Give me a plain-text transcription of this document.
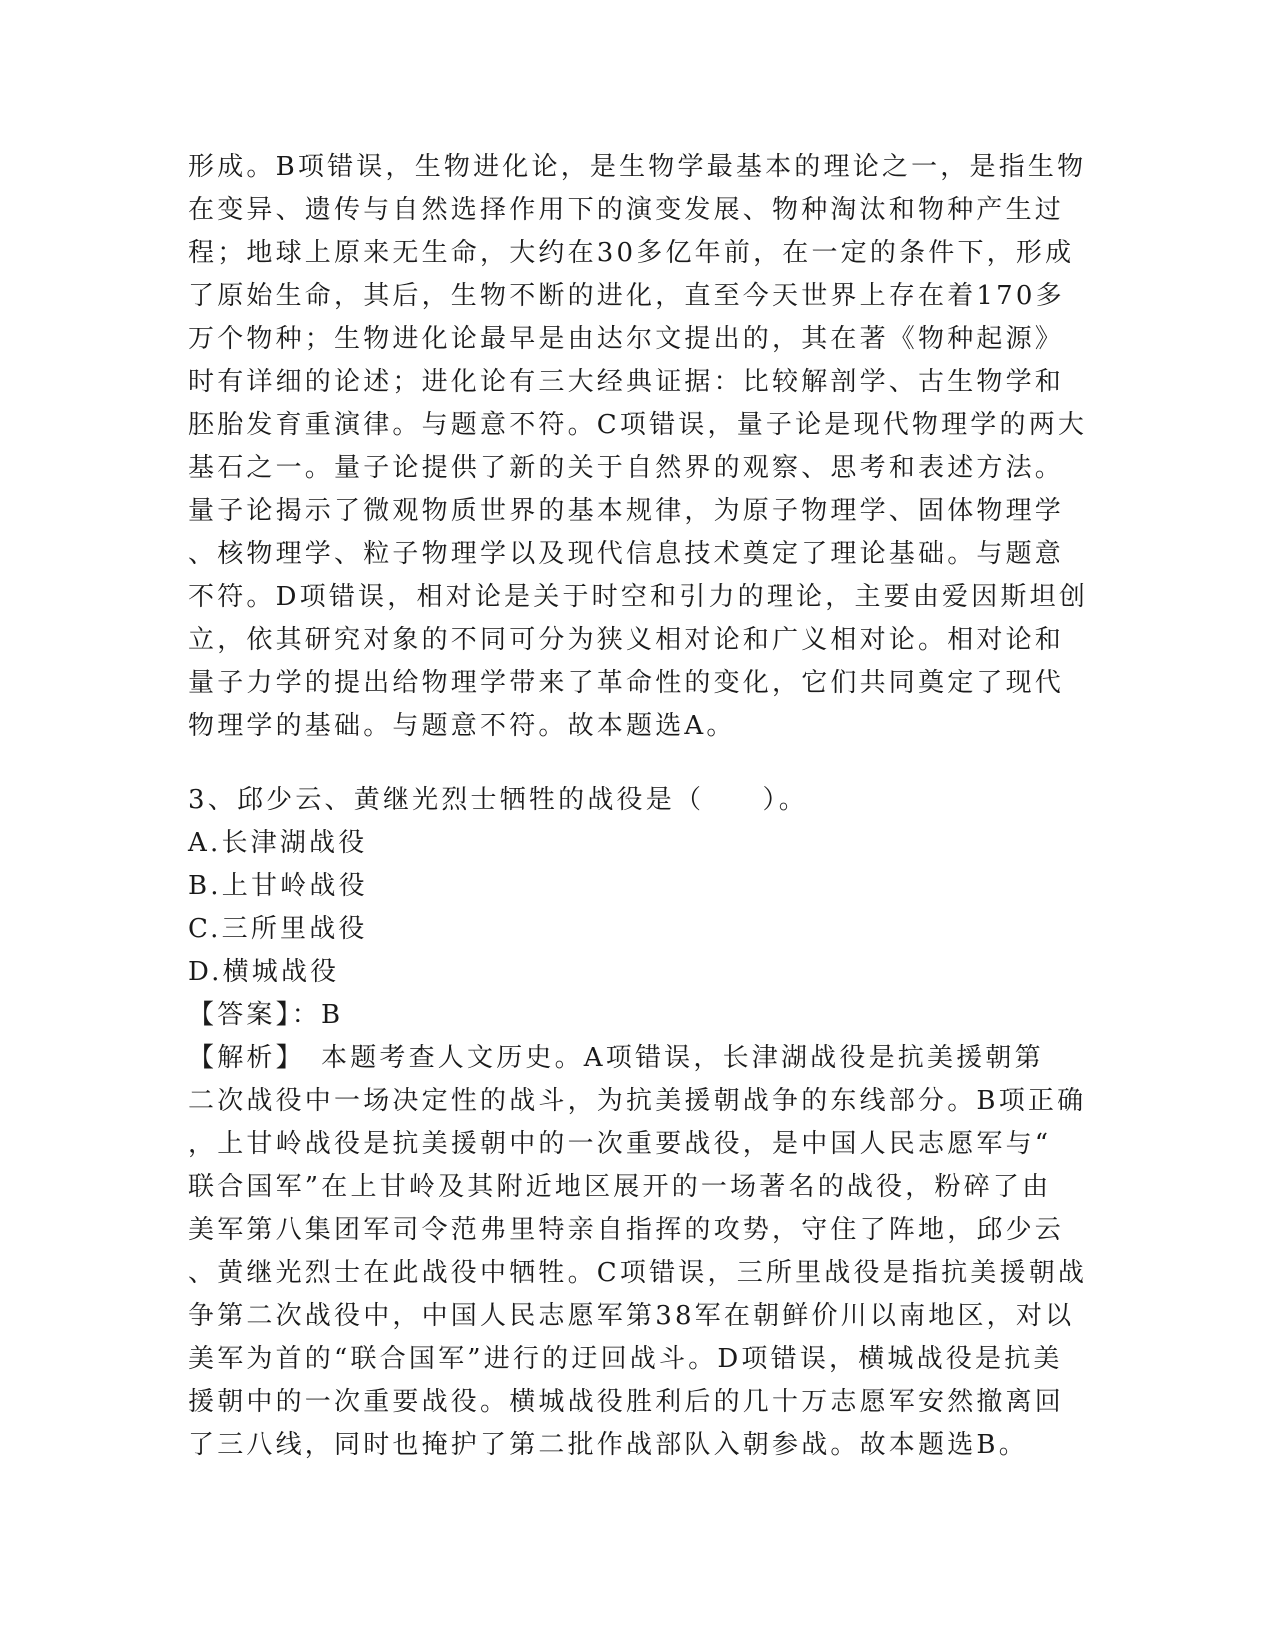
形成。B项错误，生物进化论，是生物学最基本的理论之一，是指生物
在变异、遗传与自然选择作用下的演变发展、物种淘汰和物种产生过
程；地球上原来无生命，大约在30多亿年前，在一定的条件下，形成
了原始生命，其后，生物不断的进化，直至今天世界上存在着170多
万个物种；生物进化论最早是由达尔文提出的，其在著《物种起源》
时有详细的论述；进化论有三大经典证据：比较解剖学、古生物学和
胚胎发育重演律。与题意不符。C项错误，量子论是现代物理学的两大
基石之一。量子论提供了新的关于自然界的观察、思考和表述方法。
量子论揭示了微观物质世界的基本规律，为原子物理学、固体物理学
、核物理学、粒子物理学以及现代信息技术奠定了理论基础。与题意
不符。D项错误，相对论是关于时空和引力的理论，主要由爱因斯坦创
立，依其研究对象的不同可分为狭义相对论和广义相对论。相对论和
量子力学的提出给物理学带来了革命性的变化，它们共同奠定了现代
物理学的基础。与题意不符。故本题选A。
3、邱少云、黄继光烈士牺牲的战役是（　　）。
A.长津湖战役
B.上甘岭战役
C.三所里战役
D.横城战役
【答案】：B
【解析】　本题考查人文历史。A项错误，长津湖战役是抗美援朝第
二次战役中一场决定性的战斗，为抗美援朝战争的东线部分。B项正确
，上甘岭战役是抗美援朝中的一次重要战役，是中国人民志愿军与“
联合国军”在上甘岭及其附近地区展开的一场著名的战役，粉碎了由
美军第八集团军司令范弗里特亲自指挥的攻势，守住了阵地，邱少云
、黄继光烈士在此战役中牺牲。C项错误，三所里战役是指抗美援朝战
争第二次战役中，中国人民志愿军第38军在朝鲜价川以南地区，对以
美军为首的“联合国军”进行的迂回战斗。D项错误，横城战役是抗美
援朝中的一次重要战役。横城战役胜利后的几十万志愿军安然撤离回
了三八线，同时也掩护了第二批作战部队入朝参战。故本题选B。
